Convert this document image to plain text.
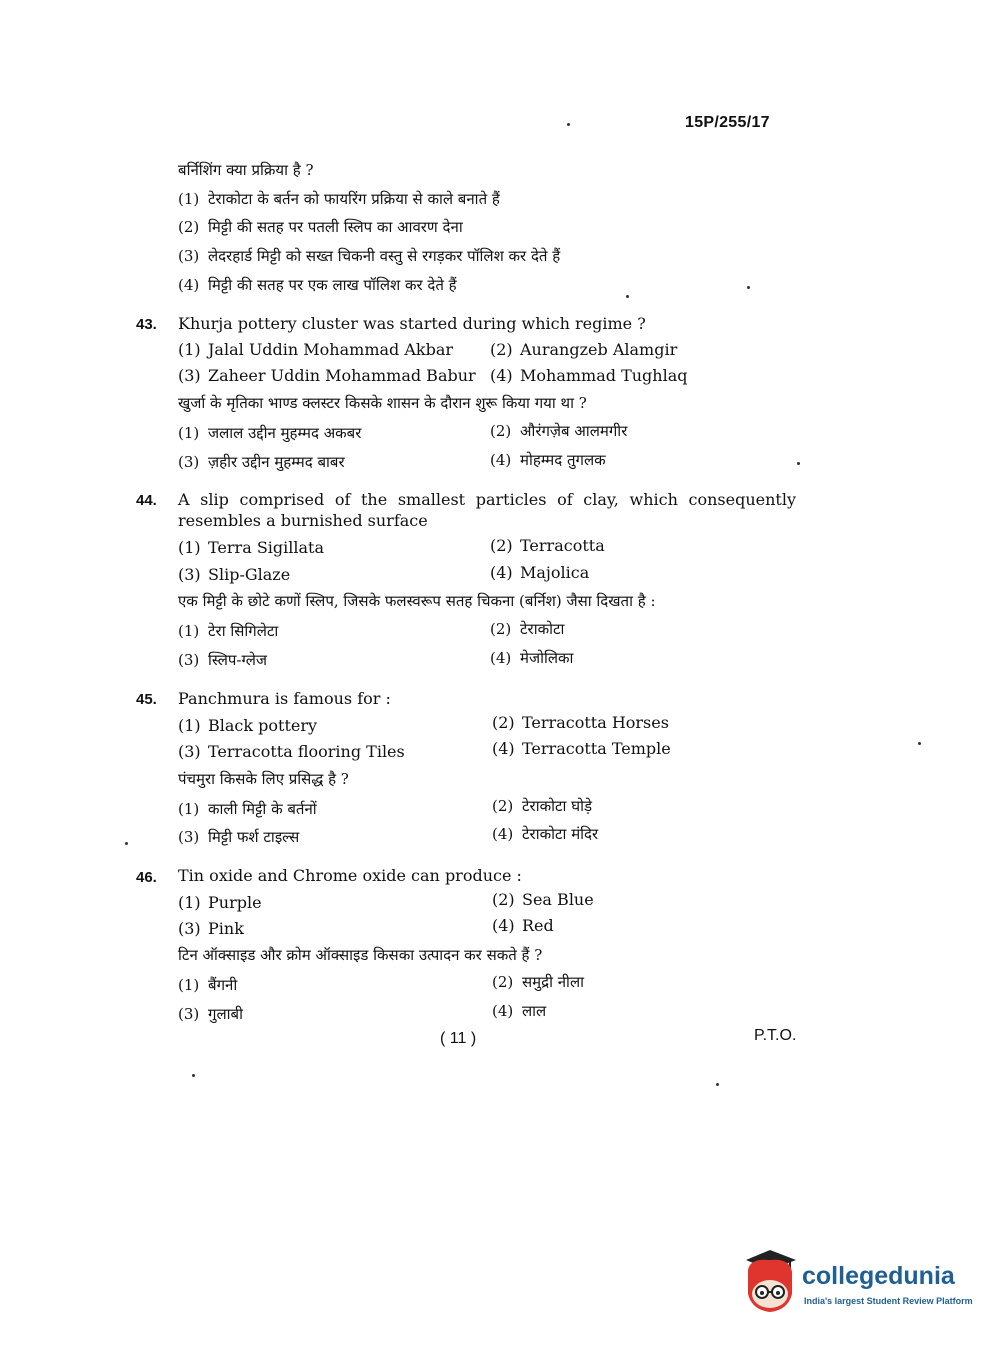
15P/255/17
बर्निशिंग क्या प्रक्रिया है ?
(1) टेराकोटा के बर्तन को फायरिंग प्रक्रिया से काले बनाते हैं
(2) मिट्टी की सतह पर पतली स्लिप का आवरण देना
(3) लेदरहार्ड मिट्टी को सख्त चिकनी वस्तु से रगड़कर पॉलिश कर देते हैं
(4) मिट्टी की सतह पर एक लाख पॉलिश कर देते हैं
43. Khurja pottery cluster was started during which regime ?
(1) Jalal Uddin Mohammad Akbar (2) Aurangzeb Alamgir
(3) Zaheer Uddin Mohammad Babur (4) Mohammad Tughlaq
खुर्जा के मृतिका भाण्ड क्लस्टर किसके शासन के दौरान शुरू किया गया था ?
(1) जलाल उद्दीन मुहम्मद अकबर	(2) औरंगज़ेब आलमगीर
(3) ज़हीर उद्दीन मुहम्मद बाबर	(4) मोहम्मद तुगलक
44. A slip comprised of the smallest particles of clay, which consequently resembles a burnished surface
(1) Terra Sigillata	(2) Terracotta
(3) Slip-Glaze	(4) Majolica
एक मिट्टी के छोटे कणों स्लिप, जिसके फलस्वरूप सतह चिकना (बर्निश) जैसा दिखता है :
(1) टेरा सिगिलेटा	(2) टेराकोटा
(3) स्लिप-ग्लेज	(4) मेजोलिका
45. Panchmura is famous for :
(1) Black pottery	(2) Terracotta Horses
(3) Terracotta flooring Tiles	(4) Terracotta Temple
पंचमुरा किसके लिए प्रसिद्ध है ?
(1) काली मिट्टी के बर्तनों	(2) टेराकोटा घोड़े
(3) मिट्टी फर्श टाइल्स	(4) टेराकोटा मंदिर
46. Tin oxide and Chrome oxide can produce :
(1) Purple	(2) Sea Blue
(3) Pink	(4) Red
टिन ऑक्साइड और क्रोम ऑक्साइड किसका उत्पादन कर सकते हैं ?
(1) बैंगनी	(2) समुद्री नीला
(3) गुलाबी	(4) लाल
( 11 )	P.T.O.
collegedunia
India's largest Student Review Platform
